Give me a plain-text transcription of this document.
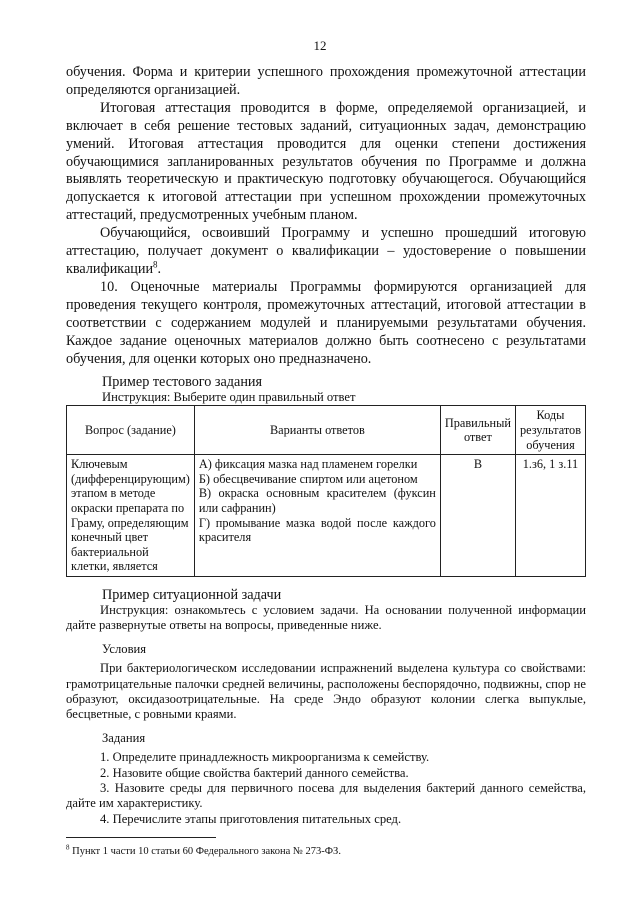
12

обучения. Форма и критерии успешного прохождения промежуточной аттестации определяются организацией.

Итоговая аттестация проводится в форме, определяемой организацией, и включает в себя решение тестовых заданий, ситуационных задач, демонстрацию умений. Итоговая аттестация проводится для оценки степени достижения обучающимися запланированных результатов обучения по Программе и должна выявлять теоретическую и практическую подготовку обучающегося. Обучающийся допускается к итоговой аттестации при успешном прохождении промежуточных аттестаций, предусмотренных учебным планом.

Обучающийся, освоивший Программу и успешно прошедший итоговую аттестацию, получает документ о квалификации – удостоверение о повышении квалификации$^8$.

10. Оценочные материалы Программы формируются организацией для проведения текущего контроля, промежуточных аттестаций, итоговой аттестации в соответствии с содержанием модулей и планируемыми результатами обучения. Каждое задание оценочных материалов должно быть соотнесено с результатами обучения, для оценки которых оно предназначено.

Пример тестового задания

Инструкция: Выберите один правильный ответ

Вопрос (задание)	Варианты ответов	Правильный ответ	Коды результатов обучения
Ключевым (дифференцирующим) этапом в методе окраски препарата по Граму, определяющим конечный цвет бактериальной клетки, является	А) фиксация мазка над пламенем горелки
Б) обесцвечивание спиртом или ацетоном
В) окраска основным красителем (фуксин или сафранин)
Г) промывание мазка водой после каждого красителя	В	1.з6, 1 з.11

Пример ситуационной задачи

Инструкция: ознакомьтесь с условием задачи. На основании полученной информации дайте развернутые ответы на вопросы, приведенные ниже.

Условия

При бактериологическом исследовании испражнений выделена культура со свойствами: грамотрицательные палочки средней величины, расположены беспорядочно, подвижны, спор не образуют, оксидазоотрицательные. На среде Эндо образуют колонии слегка выпуклые, бесцветные, с ровными краями.

Задания

1. Определите принадлежность микроорганизма к семейству.

2. Назовите общие свойства бактерий данного семейства.

3. Назовите среды для первичного посева для выделения бактерий данного семейства, дайте им характеристику.

4. Перечислите этапы приготовления питательных сред.

$^8$ Пункт 1 части 10 статьи 60 Федерального закона № 273-ФЗ.
